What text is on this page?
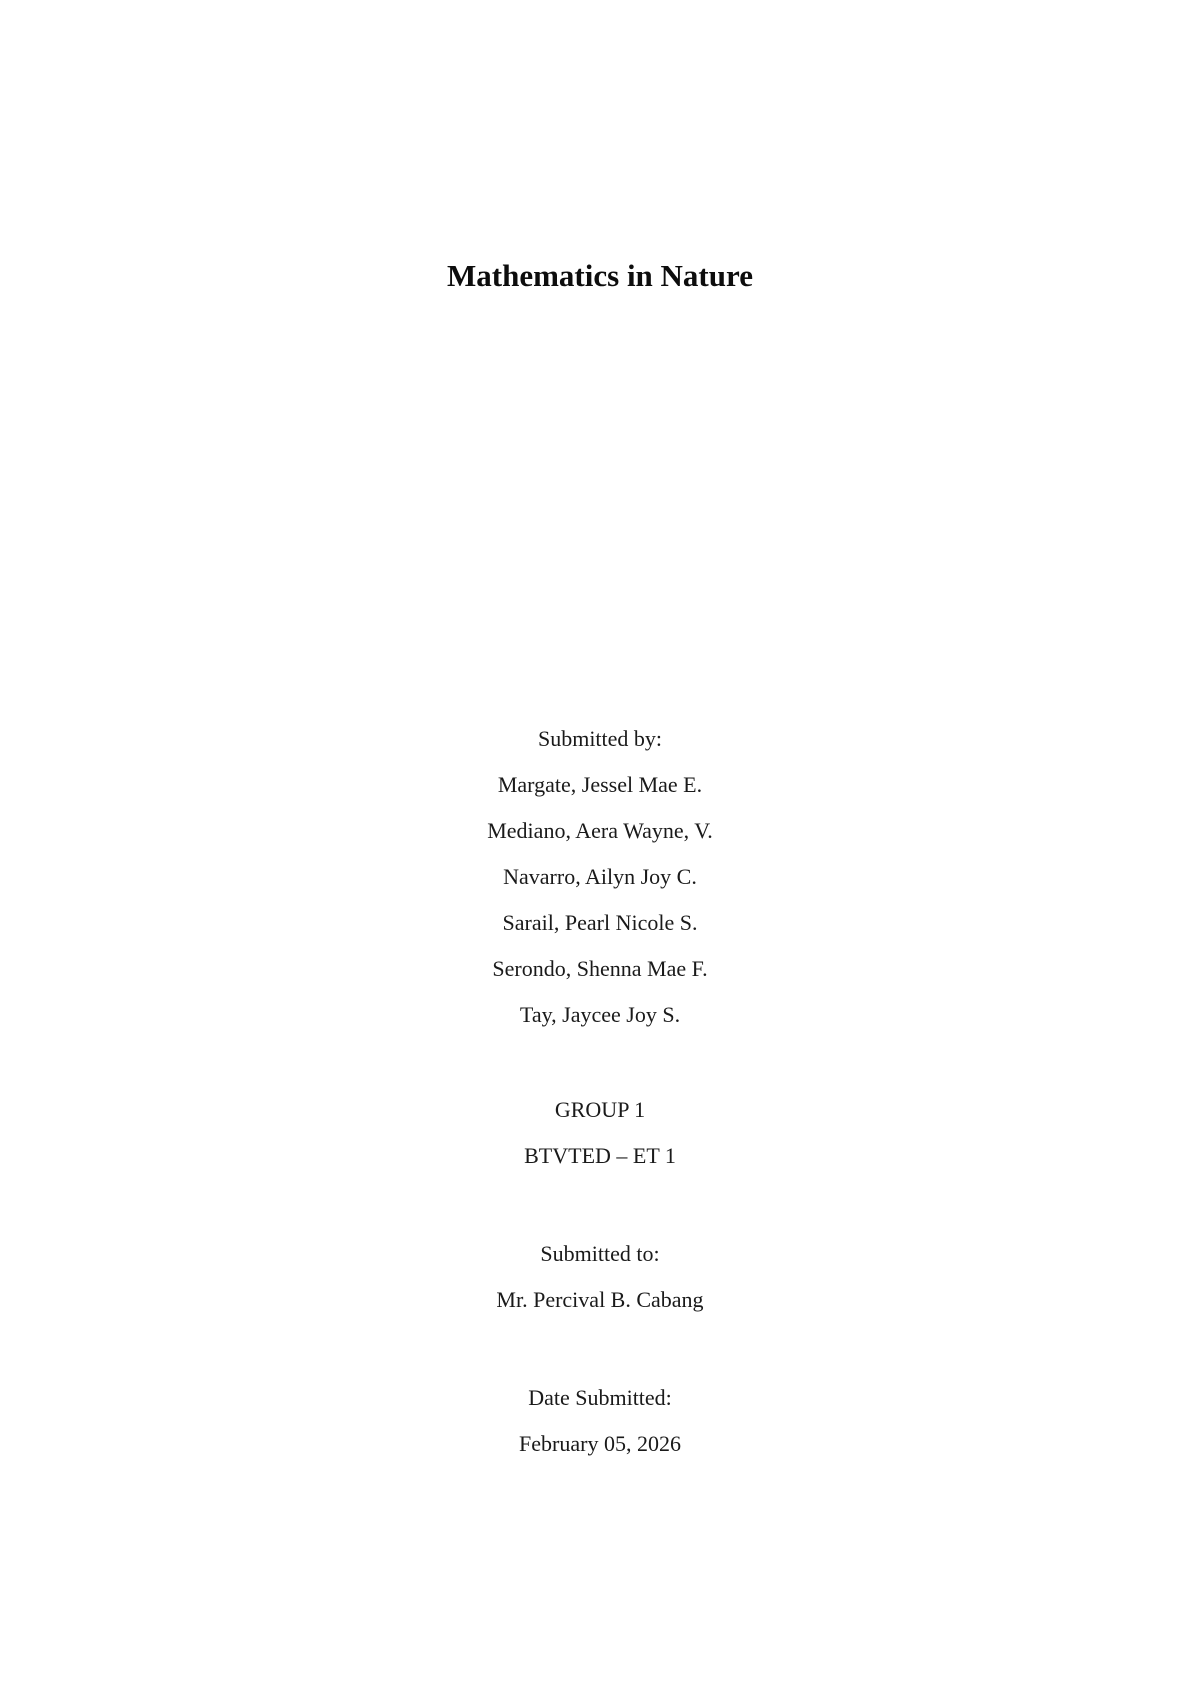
Mathematics in Nature
Submitted by:
Margate, Jessel Mae E.
Mediano, Aera Wayne, V.
Navarro, Ailyn Joy C.
Sarail, Pearl Nicole S.
Serondo, Shenna Mae F.
Tay, Jaycee Joy S.
GROUP 1
BTVTED – ET 1
Submitted to:
Mr. Percival B. Cabang
Date Submitted:
February 05, 2026
